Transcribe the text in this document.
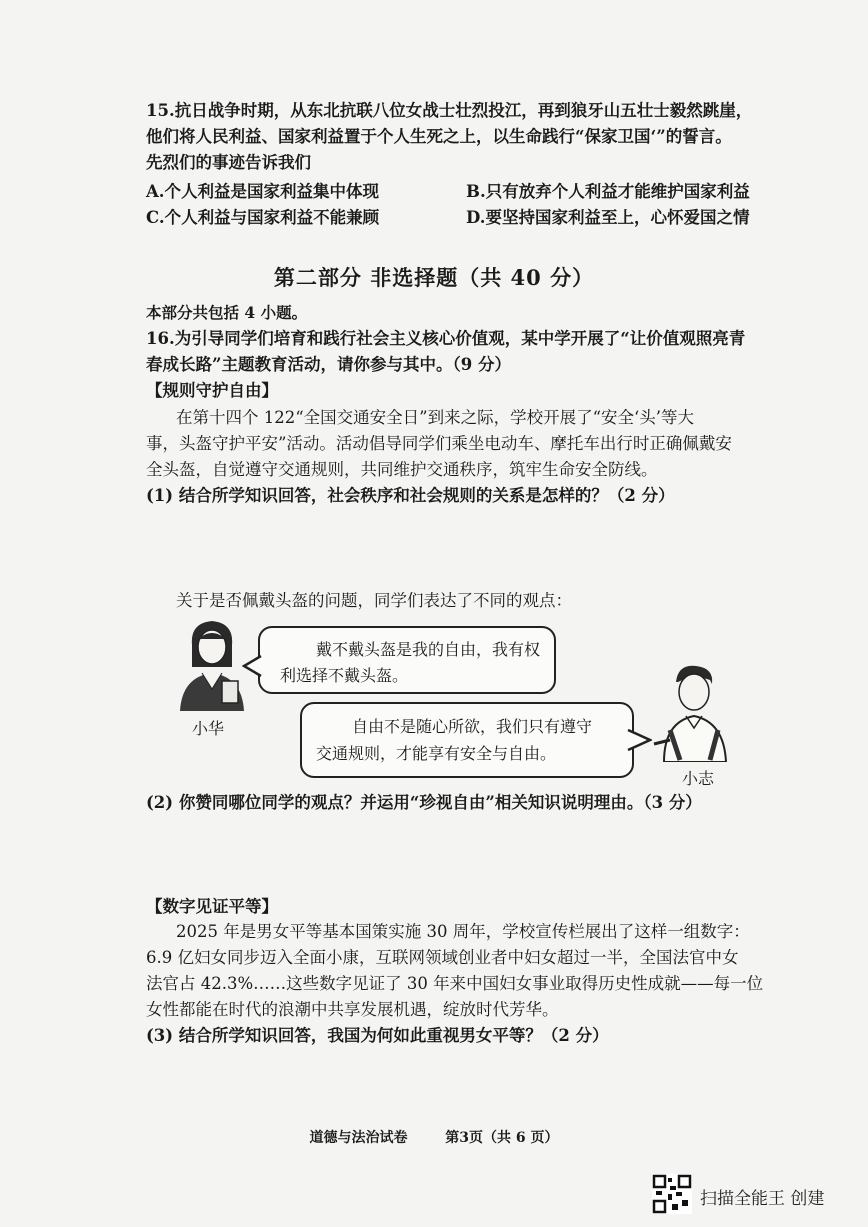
15.抗日战争时期，从东北抗联八位女战士壮烈投江，再到狼牙山五壮士毅然跳崖，
他们将人民利益、国家利益置于个人生死之上，以生命践行“保家卫国‘”的誓言。
先烈们的事迹告诉我们
A.个人利益是国家利益集中体现	B.只有放弃个人利益才能维护国家利益
C.个人利益与国家利益不能兼顾	D.要坚持国家利益至上，心怀爱国之情
第二部分 非选择题（共 40 分）
本部分共包括 4 小题。
16.为引导同学们培育和践行社会主义核心价值观，某中学开展了“让价值观照亮青
春成长路”主题教育活动，请你参与其中。（9 分）
【规则守护自由】
在第十四个 122“全国交通安全日”到来之际，学校开展了“安全‘头’等大
事，头盔守护平安”活动。活动倡导同学们乘坐电动车、摩托车出行时正确佩戴安
全头盔，自觉遵守交通规则，共同维护交通秩序，筑牢生命安全防线。
(1) 结合所学知识回答，社会秩序和社会规则的关系是怎样的？（2 分）
关于是否佩戴头盔的问题，同学们表达了不同的观点：
小华
戴不戴头盔是我的自由，我有权
利选择不戴头盔。
自由不是随心所欲，我们只有遵守
交通规则，才能享有安全与自由。
小志
(2) 你赞同哪位同学的观点？并运用“珍视自由”相关知识说明理由。（3 分）
【数字见证平等】
2025 年是男女平等基本国策实施 30 周年，学校宣传栏展出了这样一组数字：
6.9 亿妇女同步迈入全面小康，互联网领域创业者中妇女超过一半，全国法官中女
法官占 42.3%……这些数字见证了 30 年来中国妇女事业取得历史性成就——每一位
女性都能在时代的浪潮中共享发展机遇，绽放时代芳华。
(3) 结合所学知识回答，我国为何如此重视男女平等？（2 分）
道德与法治试卷	第3页（共 6 页）
扫描全能王 创建
